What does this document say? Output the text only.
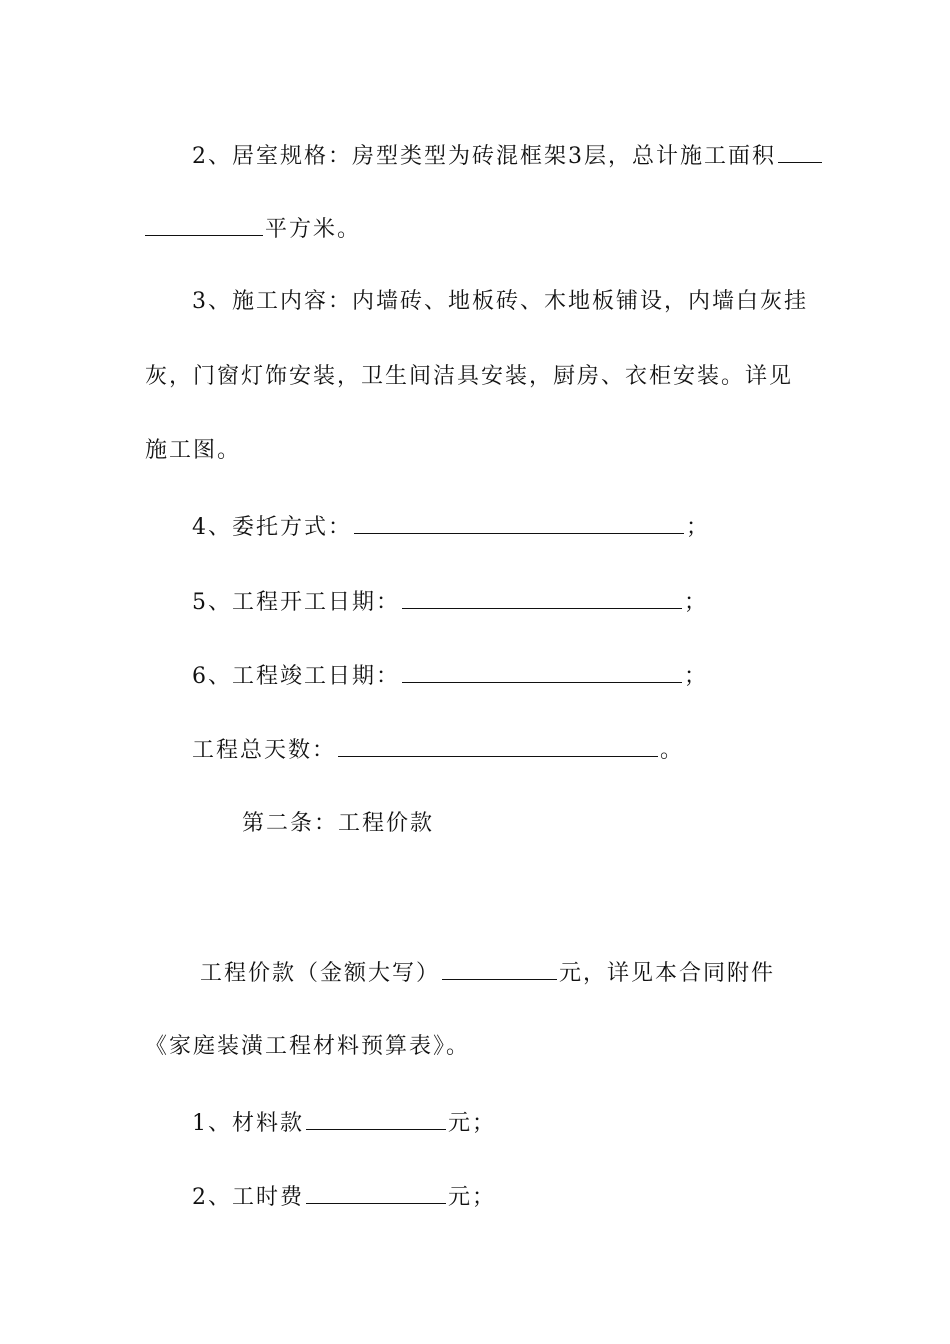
2、居室规格：房型类型为砖混框架3层，总计施工面积
平方米。
3、施工内容：内墙砖、地板砖、木地板铺设，内墙白灰挂
灰，门窗灯饰安装，卫生间洁具安装，厨房、衣柜安装。详见
施工图。
4、委托方式：	；
5、工程开工日期：	；
6、工程竣工日期：	；
工程总天数：	。
第二条：工程价款
工程价款（金额大写）	元，详见本合同附件
《家庭装潢工程材料预算表》。
1、材料款	元；
2、工时费	元；
